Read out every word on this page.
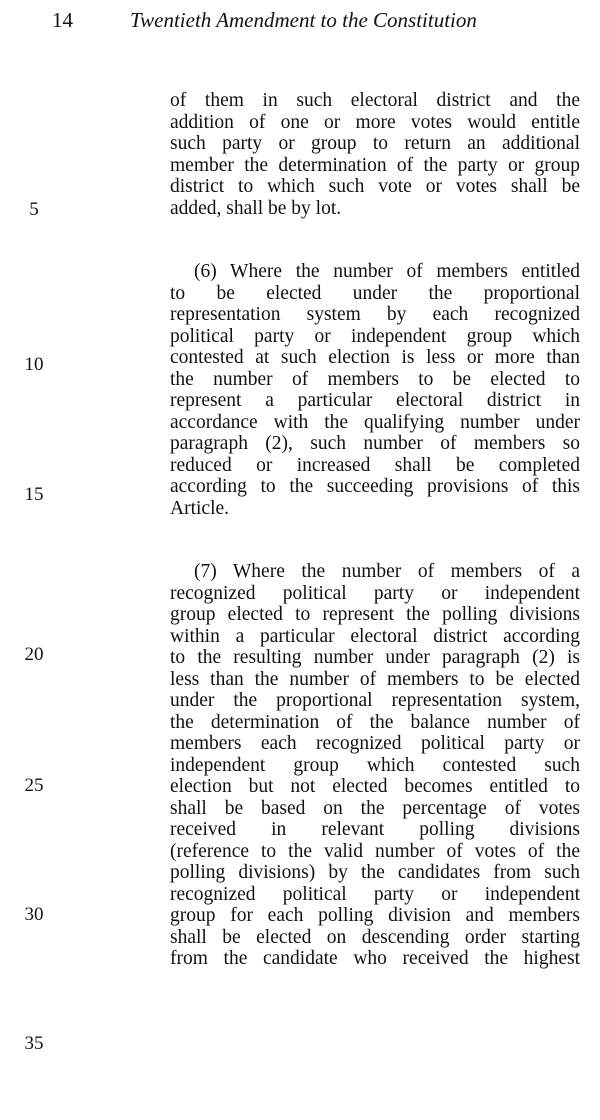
14	Twentieth Amendment to the Constitution
5
10
15
20
25
30
35
of them in such electoral district and the
addition of one or more votes would entitle
such party or group to return an additional
member the determination of the party or group
district to which such vote or votes shall be
added, shall be by lot.
(6) Where the number of members entitled
to be elected under the proportional
representation system by each recognized
political party or independent group which
contested at such election is less or more than
the number of members to be elected to
represent a particular electoral district in
accordance with the qualifying number under
paragraph (2), such number of members so
reduced or increased shall be completed
according to the succeeding provisions of this
Article.
(7) Where the number of members of a
recognized political party or independent
group elected to represent the polling divisions
within a particular electoral district according
to the resulting number under paragraph (2) is
less than the number of members to be elected
under the proportional representation system,
the determination of the balance number of
members each recognized political party or
independent group which contested such
election but not elected becomes entitled to
shall be based on the percentage of votes
received in relevant polling divisions
(reference to the valid number of votes of the
polling divisions) by the candidates from such
recognized political party or independent
group for each polling division and members
shall be elected on descending order starting
from the candidate who received the highest
